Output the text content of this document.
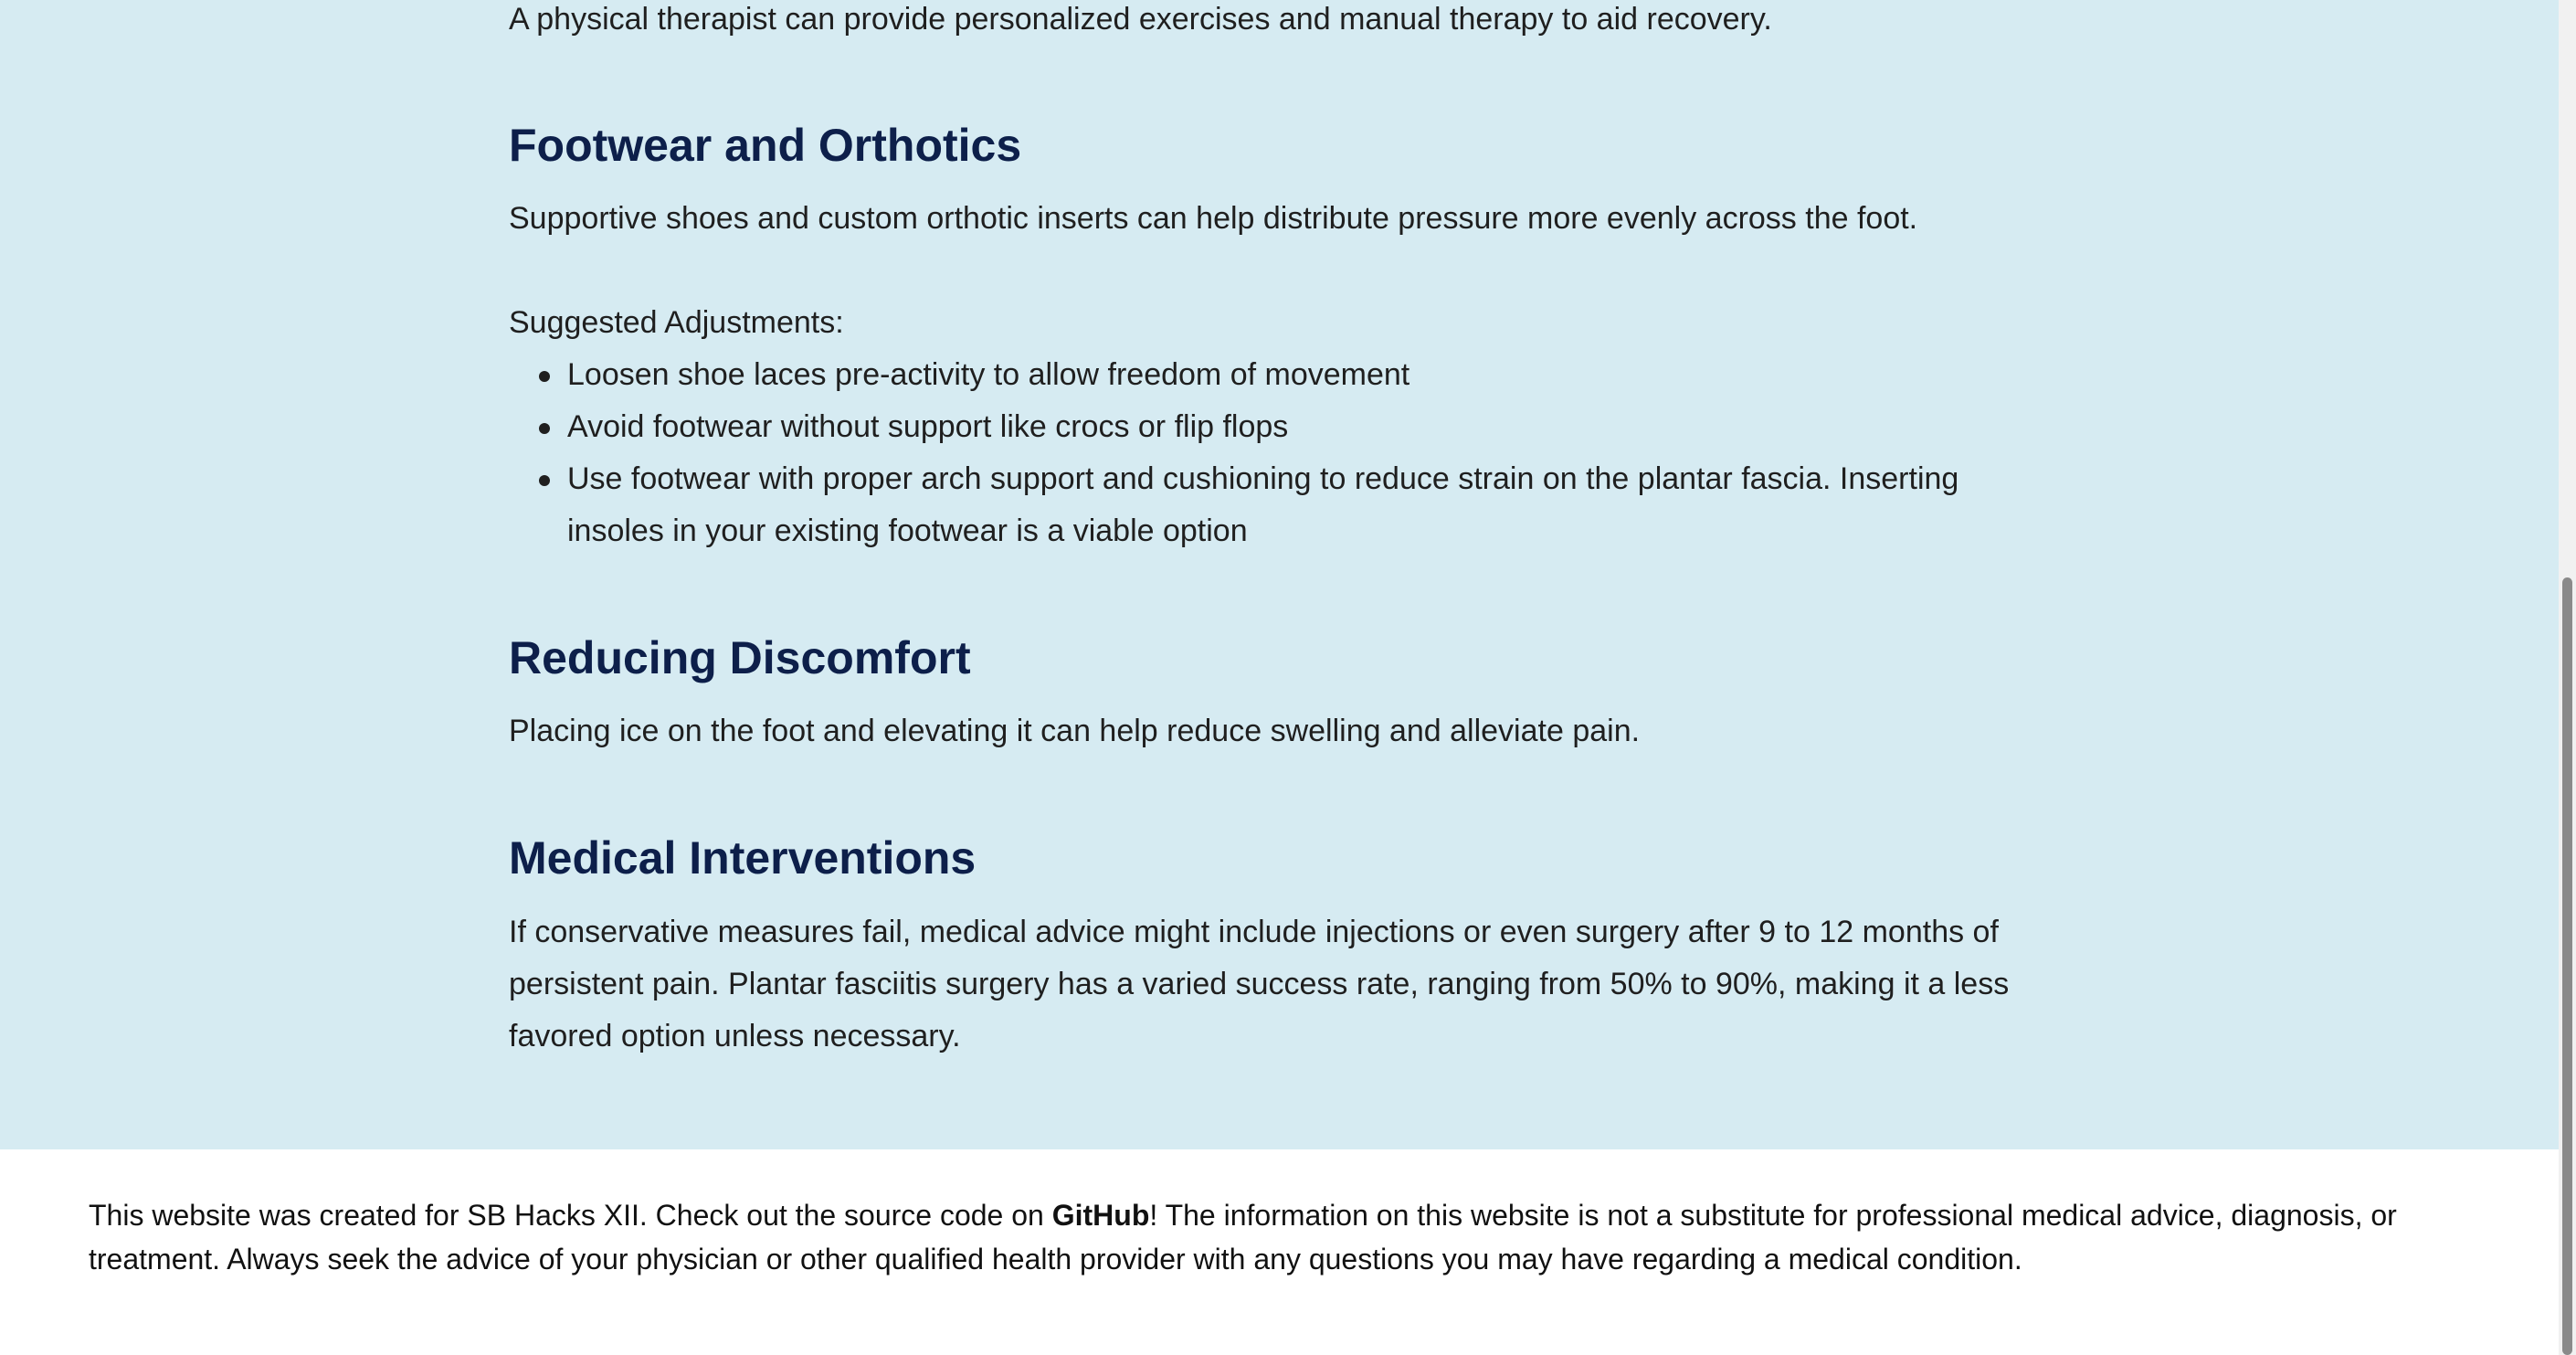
A physical therapist can provide personalized exercises and manual therapy to aid recovery.

Footwear and Orthotics

Supportive shoes and custom orthotic inserts can help distribute pressure more evenly across the foot.

Suggested Adjustments:
Loosen shoe laces pre-activity to allow freedom of movement
Avoid footwear without support like crocs or flip flops
Use footwear with proper arch support and cushioning to reduce strain on the plantar fascia. Inserting insoles in your existing footwear is a viable option
Reducing Discomfort

Placing ice on the foot and elevating it can help reduce swelling and alleviate pain.

Medical Interventions

If conservative measures fail, medical advice might include injections or even surgery after 9 to 12 months of persistent pain. Plantar fasciitis surgery has a varied success rate, ranging from 50% to 90%, making it a less favored option unless necessary.

This website was created for SB Hacks XII. Check out the source code on GitHub! The information on this website is not a substitute for professional medical advice, diagnosis, or treatment. Always seek the advice of your physician or other qualified health provider with any questions you may have regarding a medical condition.
